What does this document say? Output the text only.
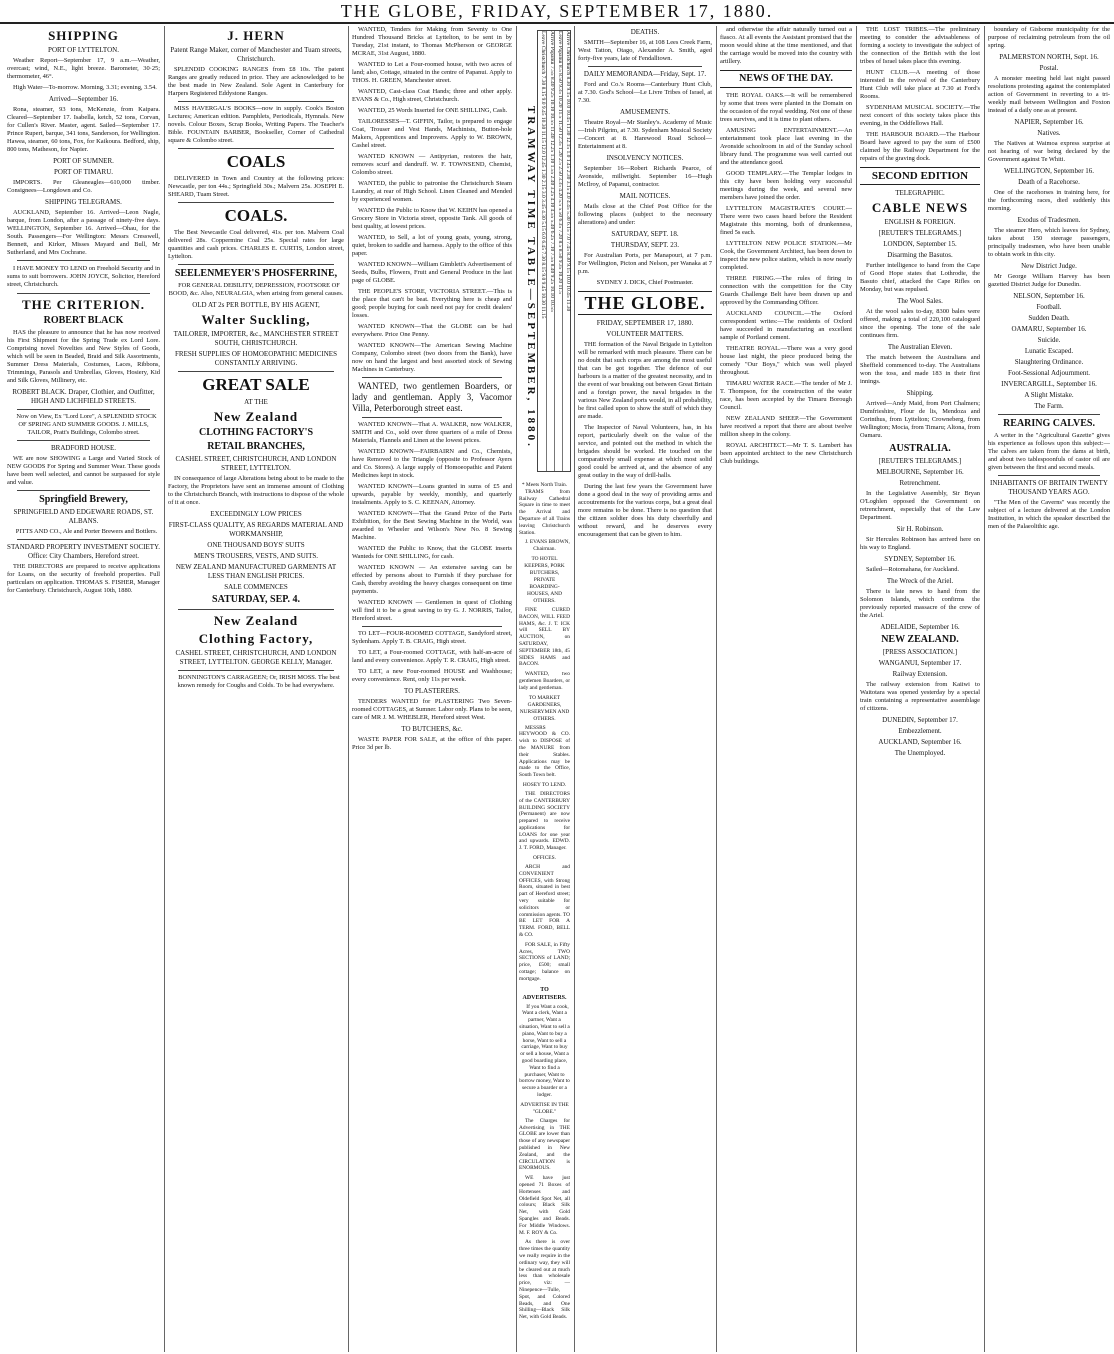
THE GLOBE, FRIDAY, SEPTEMBER 17, 1880.
SHIPPING
PORT OF LYTTELTON.

Weather Report—September 17, 9 a.m.—Weather, overcast; wind, N.E., light breeze. Barometer, 30·25; thermometer, 46°.

High Water—To-morrow. Morning, 3.31; evening, 3.54.

Arrived—September 16.

Rona, steamer, 93 tons, McKenzie, from Kaipara. Cleared—September 17. Isabella, ketch, 52 tons, Corvan, for Cullen's River. Master, agent. Sailed—September 17. Prince Rupert, barque, 341 tons, Sanderson, for Wellington. Hawea, steamer, 60 tons, Fox, for Kaikoura. Bedford, ship, 800 tons, Matheson, for Napier.

PORT OF SUMNER.
PORT OF TIMARU.

IMPORTS. Per Gleaneagles—610,000 timber. Consignees—Longdown and Co.

SHIPPING TELEGRAMS.

AUCKLAND, September 16. Arrived—Leon Nagle, barque, from London, after a passage of ninety-five days. WELLINGTON, September 16. Arrived—Ohau, for the South. Passengers—For Wellington: Messrs Cresswell, Bennett, and Kirker, Misses Mayard and Bull, Mr Sutherland, and Mrs Cochrane.

I HAVE MONEY TO LEND on Freehold Security and in sums to suit borrowers. JOHN JOYCE, Solicitor, Hereford street, Christchurch.

THE CRITERION.
ROBERT BLACK

HAS the pleasure to announce that he has now received his First Shipment for the Spring Trade ex Lord Lore. Comprising novel Novelties and New Styles of Goods, which will be seen in Beaded, Braid and Silk Assortments, Summer Dress Materials, Costumes, Laces, Ribbons, Trimmings, Parasols and Umbrellas, Gloves, Hosiery, Kid and Silk Gloves, Millinery, etc.

ROBERT BLACK. Draper, Clothier, and Outfitter, HIGH AND LICHFIELD STREETS.

Now on View, Ex "Lord Lore", A SPLENDID STOCK OF SPRING AND SUMMER GOODS. J. MILLS, TAILOR, Pratt's Buildings, Colombo street.

BRADFORD HOUSE.

WE are now SHOWING a Large and Varied Stock of NEW GOODS For Spring and Summer Wear. These goods have been well selected, and cannot be surpassed for style and value.

Springfield Brewery,
SPRINGFIELD AND EDGEWARE ROADS, ST. ALBANS.

PITTS AND CO., Ale and Porter Brewers and Bottlers.

STANDARD PROPERTY INVESTMENT SOCIETY. Office: City Chambers, Hereford street.

THE DIRECTORS are prepared to receive applications for Loans, on the security of freehold properties. Full particulars on application. THOMAS S. FISHER, Manager for Canterbury. Christchurch, August 10th, 1880.

J. HERN
Patent Range Maker, corner of Manchester and Tuam streets, Christchurch.

SPLENDID COOKING RANGES from £8 10s. The patent Ranges are greatly reduced in price. They are acknowledged to be the best made in New Zealand. Sole Agent in Canterbury for Harpers Registered Eddystone Ranges.

MISS HAVERGAL'S BOOKS—now in supply. Cook's Boston Lectures; American edition. Pamphlets, Periodicals, Hymnals. New novels. Colour Boxes, Scrap Books, Writing Papers. The Teacher's Bible. FOUNTAIN BARBER, Bookseller, Corner of Cathedral square & Colombo street.

COALS

DELIVERED in Town and Country at the following prices: Newcastle, per ton 44s.; Springfield 30s.; Malvern 25s. JOSEPH E. SHEARD, Tuam Street.

COALS.

The Best Newcastle Coal delivered, 41s. per ton. Malvern Coal delivered 28s. Coppermine Coal 25s. Special rates for large quantities and cash prices. CHARLES E. CURTIS, London street, Lyttelton.

SEELENMEYER'S PHOSFERRINE,

FOR GENERAL DEBILITY, DEPRESSION, FOOTSORE OF BOOD, &c. Also, NEURALGIA, when arising from general causes.

OLD AT 2s PER BOTTLE, BY HIS AGENT,
Walter Suckling,
TAILORER, IMPORTER, &c., MANCHESTER STREET SOUTH, CHRISTCHURCH.
FRESH SUPPLIES OF HOMOEOPATHIC MEDICINES CONSTANTLY ARRIVING.
GREAT SALE
AT THE
New Zealand
CLOTHING FACTORY'S
RETAIL BRANCHES,
CASHEL STREET, CHRISTCHURCH, AND LONDON STREET, LYTTELTON.

IN consequence of large Alterations being about to be made to the Factory, the Proprietors have sent an immense amount of Clothing to the Christchurch Branch, with instructions to dispose of the whole of it at once.

EXCEEDINGLY LOW PRICES
FIRST-CLASS QUALITY, AS REGARDS MATERIAL AND WORKMANSHIP,
ONE THOUSAND BOYS' SUITS
MEN'S TROUSERS, VESTS, AND SUITS.
NEW ZEALAND MANUFACTURED GARMENTS AT LESS THAN ENGLISH PRICES.
SALE COMMENCES
SATURDAY, SEP. 4.
New Zealand
Clothing Factory,
CASHEL STREET, CHRISTCHURCH, AND LONDON STREET, LYTTELTON. GEORGE KELLY, Manager.

BONNINGTON'S CARRAGEEN; Or, IRISH MOSS. The best known remedy for Coughs and Colds. To be had everywhere.

WANTED, Tenders for Making from Seventy to One Hundred Thousand Bricks at Lyttelton, to be sent in by Tuesday, 21st instant, to Thomas McPherson or GEORGE MCRAE, 31st August, 1880.

WANTED to Let a Four-roomed house, with two acres of land; also, Cottage, situated in the centre of Papanui. Apply to THOS. H. GREEN, Manchester street.

WANTED, Cast-class Coat Hands; three and other apply. EVANS & Co., High street, Christchurch.

WANTED, 25 Words Inserted for ONE SHILLING, Cash.

TAILORESSES—T. GIFFIN, Tailor, is prepared to engage Coat, Trouser and Vest Hands, Machinists, Button-hole Makers, Apprentices and Improvers. Apply to W. BROWN, Cashel street.

WANTED KNOWN — Antipyrian, restores the hair, removes scurf and dandruff. W. F. TOWNSEND, Chemist, Colombo street.

WANTED, the public to patronise the Christchurch Steam Laundry, at rear of High School. Linen Cleaned and Mended by experienced women.

WANTED the Public to Know that W. KEIHN has opened a Grocery Store in Victoria street, opposite Tank. All goods of best quality, at lowest prices.

WANTED, to Sell, a lot of young goats, young, strong, quiet, broken to saddle and harness. Apply to the office of this paper.

WANTED KNOWN—William Gimblett's Advertisement of Seeds, Bulbs, Flowers, Fruit and General Produce in the last page of GLOBE.

THE PEOPLE'S STORE, VICTORIA STREET.—This is the place that can't be beat. Everything here is cheap and good; people buying for cash need not pay for credit dealers' losses.

WANTED KNOWN—That the GLOBE can be had everywhere. Price One Penny.

WANTED KNOWN—The American Sewing Machine Company, Colombo street (two doors from the Bank), have now on hand the largest and best assorted stock of Sewing Machines in Canterbury.

WANTED, two gentlemen Boarders, or lady and gentleman. Apply 3, Vacomor Villa, Peterborough street east.

WANTED KNOWN—That A. WALKER, now WALKER, SMITH and Co., sold over three quarters of a mile of Dress Materials, Flannels and Linen at the lowest prices.

WANTED KNOWN—FAIRBAIRN and Co., Chemists, have Removed to the Triangle (opposite to Professor Ayers and Co. Stores). A large supply of Homoeopathic and Patent Medicines kept in stock.

WANTED KNOWN—Loans granted in sums of £5 and upwards, payable by weekly, monthly, and quarterly instalments. Apply to S. C. KEENAN, Attorney.

WANTED KNOWN—That the Grand Prize of the Paris Exhibition, for the Best Sewing Machine in the World, was awarded to Wheeler and Wilson's New No. 8 Sewing Machine.

WANTED the Public to Know, that the GLOBE inserts Wanteds for ONE SHILLING, for cash.

WANTED KNOWN — An extensive saving can be effected by persons about to Furnish if they purchase for Cash, thereby avoiding the heavy charges consequent on time payments.

WANTED KNOWN — Gentlemen in quest of Clothing will find it to be a great saving to try G. J. NORRIS, Tailor, Hereford street.

TO LET—FOUR-ROOMED COTTAGE, Sandyford street, Sydenham. Apply T. B. CRAIG, High street.

TO LET, a Four-roomed COTTAGE, with half-an-acre of land and every convenience. Apply T. R. CRAIG, High street.

TO LET, a new Four-roomed HOUSE and Washhouse; every convenience. Rent, only 11s per week.

TO PLASTERERS.

TENDERS WANTED for PLASTERING Two Seven-roomed COTTAGES, at Sumner. Labor only. Plans to be seen, care of MR J. M. WHEBLER, Hereford street West.

TO BUTCHERS, &c.

WASTE PAPER FOR SALE, at the office of this paper. Price 3d per lb.

TRAMWAY TIME TABLE—SEPTEMBER, 1880. Leave Christchurch 7.30 8.15 9.0 9.45 10.30 11.15 12.0 12.45 1.30 2.15 3.0 3.45 4.30 5.15 6.0 6.45 7.30 8.15 9.0 9.45 10.30 11.15 Arrive Papanui 7.55 8.40 9.25 10.10 10.55 11.40 12.25 1.10 1.55 2.40 3.25 4.10 4.55 5.40 6.25 7.10 7.55 8.40 9.25 10.10 10.55 Leave Papanui 8.5 8.50 9.35 10.20 11.5 11.50 12.35 1.20 2.5 2.50 3.35 4.20 5.5 5.50 6.35 7.20 8.5 8.50 9.35 10.20 11.5 Arrive Christchurch 8.30 9.15 10.0 10.45 11.30 12.15 1.0 1.45 2.30 3.15 4.0 4.45 5.30 6.15 7.0 7.45 8.30 9.15 10.0 10.45 11.30
* Meets North Train.

TRAMS from Railway Cathedral Square in time to meet the Arrival and Departure of all Trains leaving Christchurch Station.

J. EVANS BROWN, Chairman.

TO HOTEL KEEPERS, PORK BUTCHERS, PRIVATE BOARDING-HOUSES, AND OTHERS.

FINE CURED BACON, WILL FEED HAMS, &c. J. T. ICK will SELL BY AUCTION, on SATURDAY, SEPTEMBER 18th, 45 SIDES HAMS and BACON.

WANTED, two gentlemen Boarders, or lady and gentleman.

TO MARKET GARDENERS, NURSERYMEN AND OTHERS.

MESSRS HEYWOOD & CO. wish to DISPOSE of the MANURE from their Stables. Applications may be made to the Office, South Town belt.

HOSEY TO LEND.

THE DIRECTORS of the CANTERBURY BUILDING SOCIETY (Permanent) are now prepared to receive applications for LOANS for one year and upwards. EDWD. J. T. FORD, Manager.

OFFICES.

ARCH and CONVENIENT OFFICES, with Strong Room, situated in best part of Hereford street; very suitable for solicitors or commission agents. TO BE LET FOR A TERM. FORD, BELL & CO.

FOR SALE, in Fifty Acres, TWO SECTIONS of LAND; price, £500; small cottage; balance on mortgage.

TO ADVERTISERS.

If you Want a cook, Want a clerk, Want a partner, Want a situation, Want to sell a piano, Want to buy a horse, Want to sell a carriage, Want to buy or sell a house, Want a good boarding place, Want to find a purchaser, Want to borrow money, Want to secure a boarder or a lodger.

ADVERTISE IN THE "GLOBE."

The Charges for Advertising in THE GLOBE are lower than those of any newspaper published in New Zealand, and the CIRCULATION is ENORMOUS.

WE have just opened 71 Boxes of Hortenses and Oldefield Spot Net, all colours; Black Silk Net, with Gold Spangles and Beads. For Middle Windows. M. F. ROY & Co.

As there is over three times the quantity we really require in the ordinary way, they will be cleared out at much less than wholesale price, viz: — Ninepence—Tulle, Spot, and Colored Beads, and One Shilling—Black Silk Net, with Gold Beads.

DEATHS.

SMITH—September 16, at 108 Lees Creek Farm, West Tatton, Otago, Alexander A. Smith, aged forty-five years, late of Fendalltown.

DAILY MEMORANDA—Friday, Sept. 17.

Ford and Co.'s Rooms—Canterbury Hunt Club, at 7.30. God's School—Le Livre Tribes of Israel, at 7.30.

AMUSEMENTS.

Theatre Royal—Mr Stanley's. Academy of Music—Irish Pilgrim, at 7.30. Sydenham Musical Society—Concert at 8. Harewood Road School—Entertainment at 8.

INSOLVENCY NOTICES.

September 16—Robert Richards Pearce, of Avonside, millwright. September 16—Hugh McIlroy, of Papanui, contractor.

MAIL NOTICES.

Mails close at the Chief Post Office for the following places (subject to the necessary alterations) and under:

SATURDAY, SEPT. 18.
THURSDAY, SEPT. 23.

For Australian Ports, per Manapouri, at 7 p.m. For Wellington, Picton and Nelson, per Wanaka at 7 p.m.

SYDNEY J. DICK, Chief Postmaster.
THE GLOBE.
FRIDAY, SEPTEMBER 17, 1880.
VOLUNTEER MATTERS.

THE formation of the Naval Brigade in Lyttelton will be remarked with much pleasure. There can be no doubt that such corps are among the most useful that can be got together. The defence of our harbours is a matter of the greatest necessity, and in the event of war breaking out between Great Britain and a foreign power, the naval brigades in the various New Zealand ports would, in all probability, be first called upon to show the stuff of which they are made.

The Inspector of Naval Volunteers, has, in his report, particularly dwelt on the value of the service, and pointed out the method in which the brigades should be worked. He touched on the comparatively small expense at which most solid good could be arrived at, and the absence of any great outlay in the way of drill-halls.

During the last few years the Government have done a good deal in the way of providing arms and accoutrements for the various corps, but a great deal more remains to be done. There is no question that the citizen soldier does his duty cheerfully and without reward, and he deserves every encouragement that can be given to him.

and otherwise the affair naturally turned out a fiasco. At all events the Assistant promised that the moon would shine at the time mentioned, and that the carriage would be moved into the country with artillery.

NEWS OF THE DAY.

THE ROYAL OAKS.—It will be remembered by some that trees were planted in the Domain on the occasion of the royal wedding. Not one of these trees survives, and it is time to plant others.

AMUSING ENTERTAINMENT.—An entertainment took place last evening in the Avonside schoolroom in aid of the Sunday school library fund. The programme was well carried out and the attendance good.

GOOD TEMPLARY.—The Templar lodges in this city have been holding very successful meetings during the week, and several new members have joined the order.

LYTTELTON MAGISTRATE'S COURT.—There were two cases heard before the Resident Magistrate this morning, both of drunkenness, fined 5s each.

LYTTELTON NEW POLICE STATION.—Mr Cook, the Government Architect, has been down to inspect the new police station, which is now nearly completed.

THREE FIRING.—The rules of firing in connection with the competition for the City Guards Challenge Belt have been drawn up and approved by the Commanding Officer.

AUCKLAND COUNCIL.—The Oxford correspondent writes:—The residents of Oxford have succeeded in manufacturing an excellent sample of Portland cement.

THEATRE ROYAL.—There was a very good house last night, the piece produced being the comedy "Our Boys," which was well played throughout.

TIMARU WATER RACE.—The tender of Mr J. T. Thompson, for the construction of the water race, has been accepted by the Timaru Borough Council.

NEW ZEALAND SHEEP.—The Government have received a report that there are about twelve million sheep in the colony.

ROYAL ARCHITECT.—Mr T. S. Lambert has been appointed architect to the new Christchurch Club buildings.

THE LOST TRIBES.—The preliminary meeting to consider the advisableness of forming a society to investigate the subject of the connection of the British with the lost tribes of Israel takes place this evening.

HUNT CLUB.—A meeting of those interested in the revival of the Canterbury Hunt Club will take place at 7.30 at Ford's Rooms.

SYDENHAM MUSICAL SOCIETY.—The next concert of this society takes place this evening, in the Oddfellows Hall.

THE HARBOUR BOARD.—The Harbour Board have agreed to pay the sum of £500 claimed by the Railway Department for the repairs of the graving dock.

SECOND EDITION
TELEGRAPHIC.
CABLE NEWS
ENGLISH & FOREIGN.
[REUTER'S TELEGRAMS.]
LONDON, September 15.
Disarming the Basutos.

Further intelligence to hand from the Cape of Good Hope states that Lothrodie, the Basuto chief, attacked the Cape Rifles on Monday, but was repulsed.

The Wool Sales.

At the wool sales to-day, 8300 bales were offered, making a total of 220,100 catalogued since the opening. The tone of the sale continues firm.

The Australian Eleven.

The match between the Australians and Sheffield commenced to-day. The Australians won the toss, and made 183 in their first innings.

Shipping.

Arrived—Andy Maid, from Port Chalmers; Dumfrieshire, Flour de lis, Mendoza and Corinthus, from Lyttelton; Crowneberg, from Wellington; Mocia, from Timaru; Altona, from Oamaru.

AUSTRALIA.
[REUTER'S TELEGRAMS.]
MELBOURNE, September 16.
Retrenchment.

In the Legislative Assembly, Sir Bryan O'Loghlen opposed the Government on retrenchment, especially that of the Law Department.

Sir H. Robinson.

Sir Hercules Robinson has arrived here on his way to England.

SYDNEY, September 16.

Sailed—Rotomahana, for Auckland.

The Wreck of the Ariel.

There is late news to hand from the Solomon Islands, which confirms the previously reported massacre of the crew of the Ariel.

ADELAIDE, September 16.
NEW ZEALAND.
[PRESS ASSOCIATION.]
WANGANUI, September 17.
Railway Extension.

The railway extension from Kaiiwi to Waitotara was opened yesterday by a special train containing a representative assemblage of citizens.

DUNEDIN, September 17.
Embezzlement.
AUCKLAND, September 16.
The Unemployed.

boundary of Gisborne municipality for the purpose of reclaiming petroleum from the oil spring.

PALMERSTON NORTH, Sept. 16.
Postal.

A monster meeting held last night passed resolutions protesting against the contemplated action of Government in reverting to a tri-weekly mail between Wellington and Foxton instead of a daily one as at present.

NAPIER, September 16.
Natives.

The Natives at Waimoa express surprise at not hearing of war being declared by the Government against Te Whiti.

WELLINGTON, September 16.
Death of a Racehorse.

One of the racehorses in training here, for the forthcoming races, died suddenly this morning.

Exodus of Tradesmen.

The steamer Hero, which leaves for Sydney, takes about 150 steerage passengers, principally tradesmen, who have been unable to obtain work in this city.

New District Judge.

Mr George William Harvey has been gazetted District Judge for Dunedin.

NELSON, September 16.
Football.
Sudden Death.
OAMARU, September 16.
Suicide.
Lunatic Escaped.
Slaughtering Ordinance.
Foot-Sessional Adjournment.
INVERCARGILL, September 16.
A Slight Mistake.
The Farm.
REARING CALVES.

A writer in the "Agricultural Gazette" gives his experience as follows upon this subject:—The calves are taken from the dams at birth, and about two tablespoonfuls of castor oil are given between the first and second meals.

INHABITANTS OF BRITAIN TWENTY THOUSAND YEARS AGO.

"The Men of the Caverns" was recently the subject of a lecture delivered at the London Institution, in which the speaker described the men of the Palaeolithic age.
